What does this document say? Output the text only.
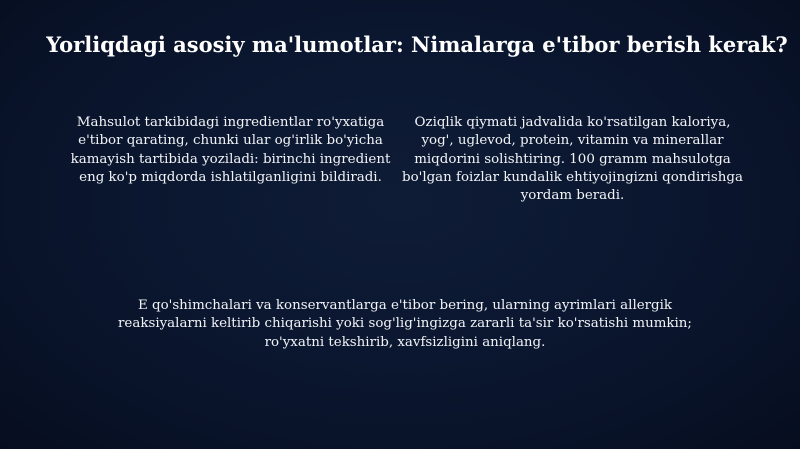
Yorliqdagi asosiy ma'lumotlar: Nimalarga e'tibor berish kerak?
Mahsulot tarkibidagi ingredientlar ro'yxatiga e'tibor qarating, chunki ular og'irlik bo'yicha kamayish tartibida yoziladi: birinchi ingredient eng ko'p miqdorda ishlatilganligini bildiradi.
Oziqlik qiymati jadvalida ko'rsatilgan kaloriya, yog', uglevod, protein, vitamin va minerallar miqdorini solishtiring. 100 gramm mahsulotga bo'lgan foizlar kundalik ehtiyojingizni qondirishga yordam beradi.
E qo'shimchalari va konservantlarga e'tibor bering, ularning ayrimlari allergik reaksiyalarni keltirib chiqarishi yoki sog'lig'ingizga zararli ta'sir ko'rsatishi mumkin; ro'yxatni tekshirib, xavfsizligini aniqlang.
